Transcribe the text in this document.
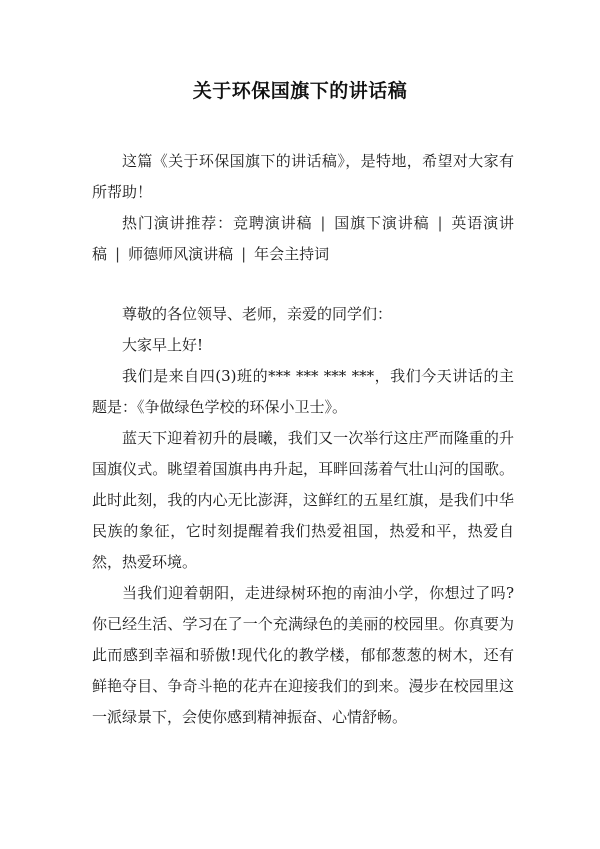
关于环保国旗下的讲话稿

这篇《关于环保国旗下的讲话稿》，是特地，希望对大家有所帮助！

热门演讲推荐：竞聘演讲稿 | 国旗下演讲稿 | 英语演讲稿 | 师德师风演讲稿 | 年会主持词

尊敬的各位领导、老师，亲爱的同学们：

大家早上好!

我们是来自四(3)班的*** *** *** ***，我们今天讲话的主题是：《争做绿色学校的环保小卫士》。

蓝天下迎着初升的晨曦，我们又一次举行这庄严而隆重的升国旗仪式。眺望着国旗冉冉升起，耳畔回荡着气壮山河的国歌。此时此刻，我的内心无比澎湃，这鲜红的五星红旗，是我们中华民族的象征，它时刻提醒着我们热爱祖国，热爱和平，热爱自然，热爱环境。

当我们迎着朝阳，走进绿树环抱的南油小学，你想过了吗?你已经生活、学习在了一个充满绿色的美丽的校园里。你真要为此而感到幸福和骄傲!现代化的教学楼，郁郁葱葱的树木，还有鲜艳夺目、争奇斗艳的花卉在迎接我们的到来。漫步在校园里这一派绿景下，会使你感到精神振奋、心情舒畅。
